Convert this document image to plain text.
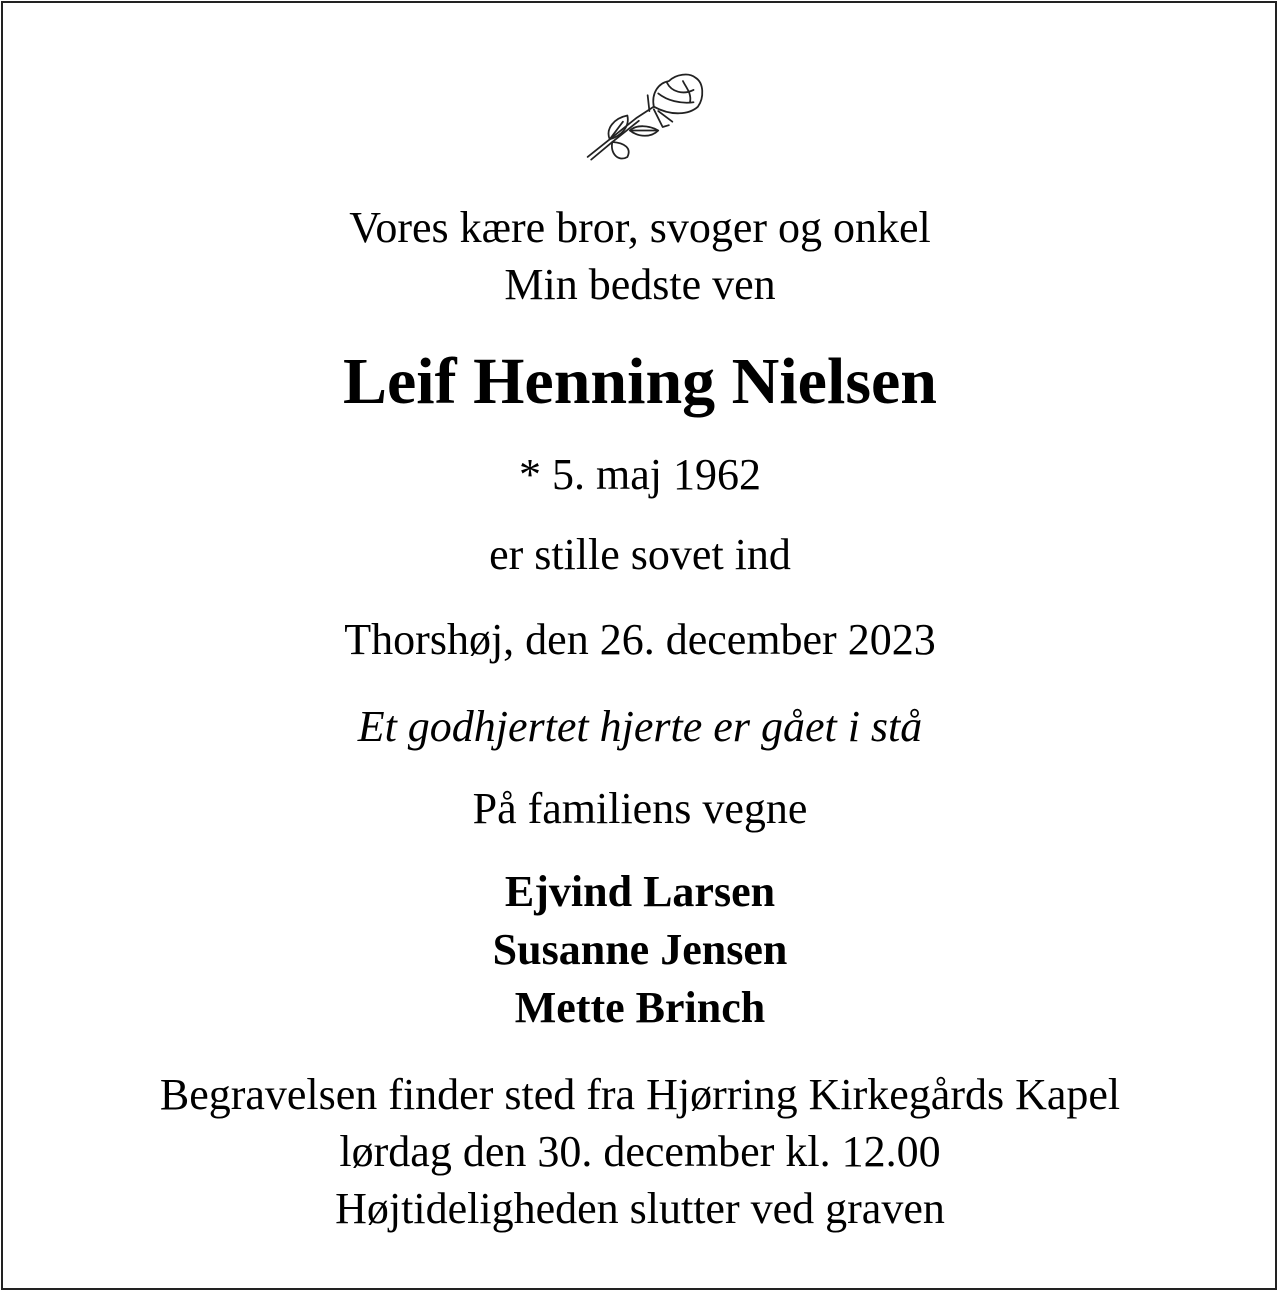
Vores kære bror, svoger og onkel
Min bedste ven
Leif Henning Nielsen
* 5. maj 1962
er stille sovet ind
Thorshøj, den 26. december 2023
Et godhjertet hjerte er gået i stå
På familiens vegne
Ejvind Larsen
Susanne Jensen
Mette Brinch
Begravelsen finder sted fra Hjørring Kirkegårds Kapel
lørdag den 30. december kl. 12.00
Højtideligheden slutter ved graven
